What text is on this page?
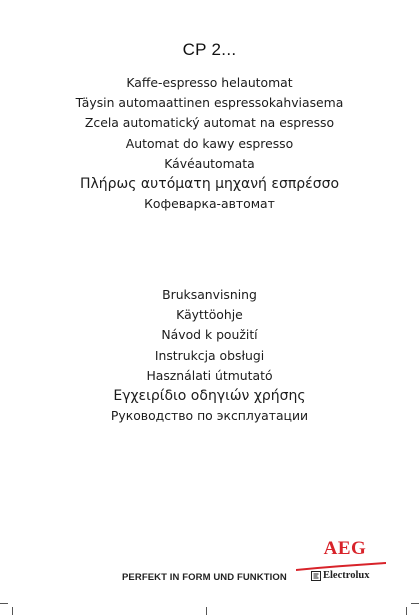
CP 2...
Kaffe-espresso helautomat
Täysin automaattinen espressokahviasema
Zcela automatický automat na espresso
Automat do kawy espresso
Kávéautomata
Πλήρως αυτόματη μηχανή εσπρέσσο
Кофеварка-автомат
Bruksanvisning
Käyttöohje
Návod k použití
Instrukcja obsługi
Használati útmutató
Εγχειρίδιο οδηγιών χρήσης
Руководство по эксплуатации
AEG
PERFEKT IN FORM UND FUNKTION	Electrolux
